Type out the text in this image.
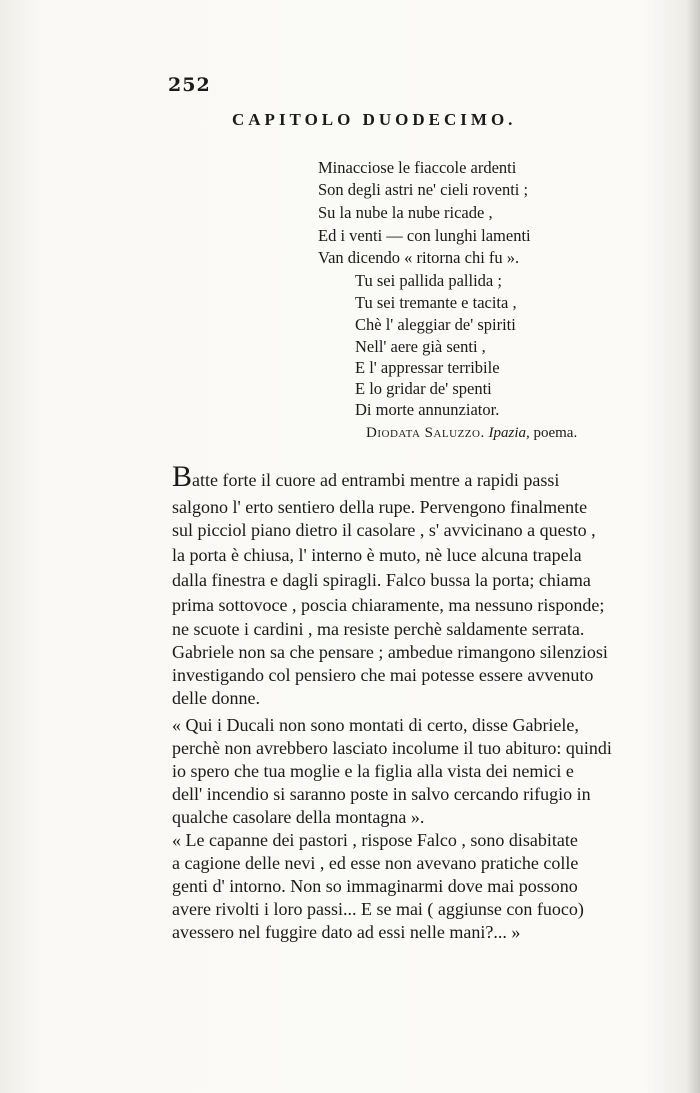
252
CAPITOLO DUODECIMO.
Minacciose le fiaccole ardenti
Son degli astri ne' cieli roventi ;
Su la nube la nube ricade ,
Ed i venti — con lunghi lamenti
Van dicendo « ritorna chi fu ».
Tu sei pallida pallida ;
Tu sei tremante e tacita ,
Chè l' aleggiar de' spiriti
Nell' aere già senti ,
E l' appressar terribile
E lo gridar de' spenti
Di morte annunziator.
Diodata Saluzzo. Ipazia, poema.
Batte forte il cuore ad entrambi mentre a rapidi passi
salgono l' erto sentiero della rupe. Pervengono finalmente
sul picciol piano dietro il casolare , s' avvicinano a questo ,
la porta è chiusa, l' interno è muto, nè luce alcuna trapela
dalla finestra e dagli spiragli. Falco bussa la porta; chiama
prima sottovoce , poscia chiaramente, ma nessuno risponde;
ne scuote i cardini , ma resiste perchè saldamente serrata.
Gabriele non sa che pensare ; ambedue rimangono silenziosi
investigando col pensiero che mai potesse essere avvenuto
delle donne.
« Qui i Ducali non sono montati di certo, disse Gabriele,
perchè non avrebbero lasciato incolume il tuo abituro: quindi
io spero che tua moglie e la figlia alla vista dei nemici e
dell' incendio si saranno poste in salvo cercando rifugio in
qualche casolare della montagna ».
« Le capanne dei pastori , rispose Falco , sono disabitate
a cagione delle nevi , ed esse non avevano pratiche colle
genti d' intorno. Non so immaginarmi dove mai possono
avere rivolti i loro passi... E se mai ( aggiunse con fuoco)
avessero nel fuggire dato ad essi nelle mani?... »
